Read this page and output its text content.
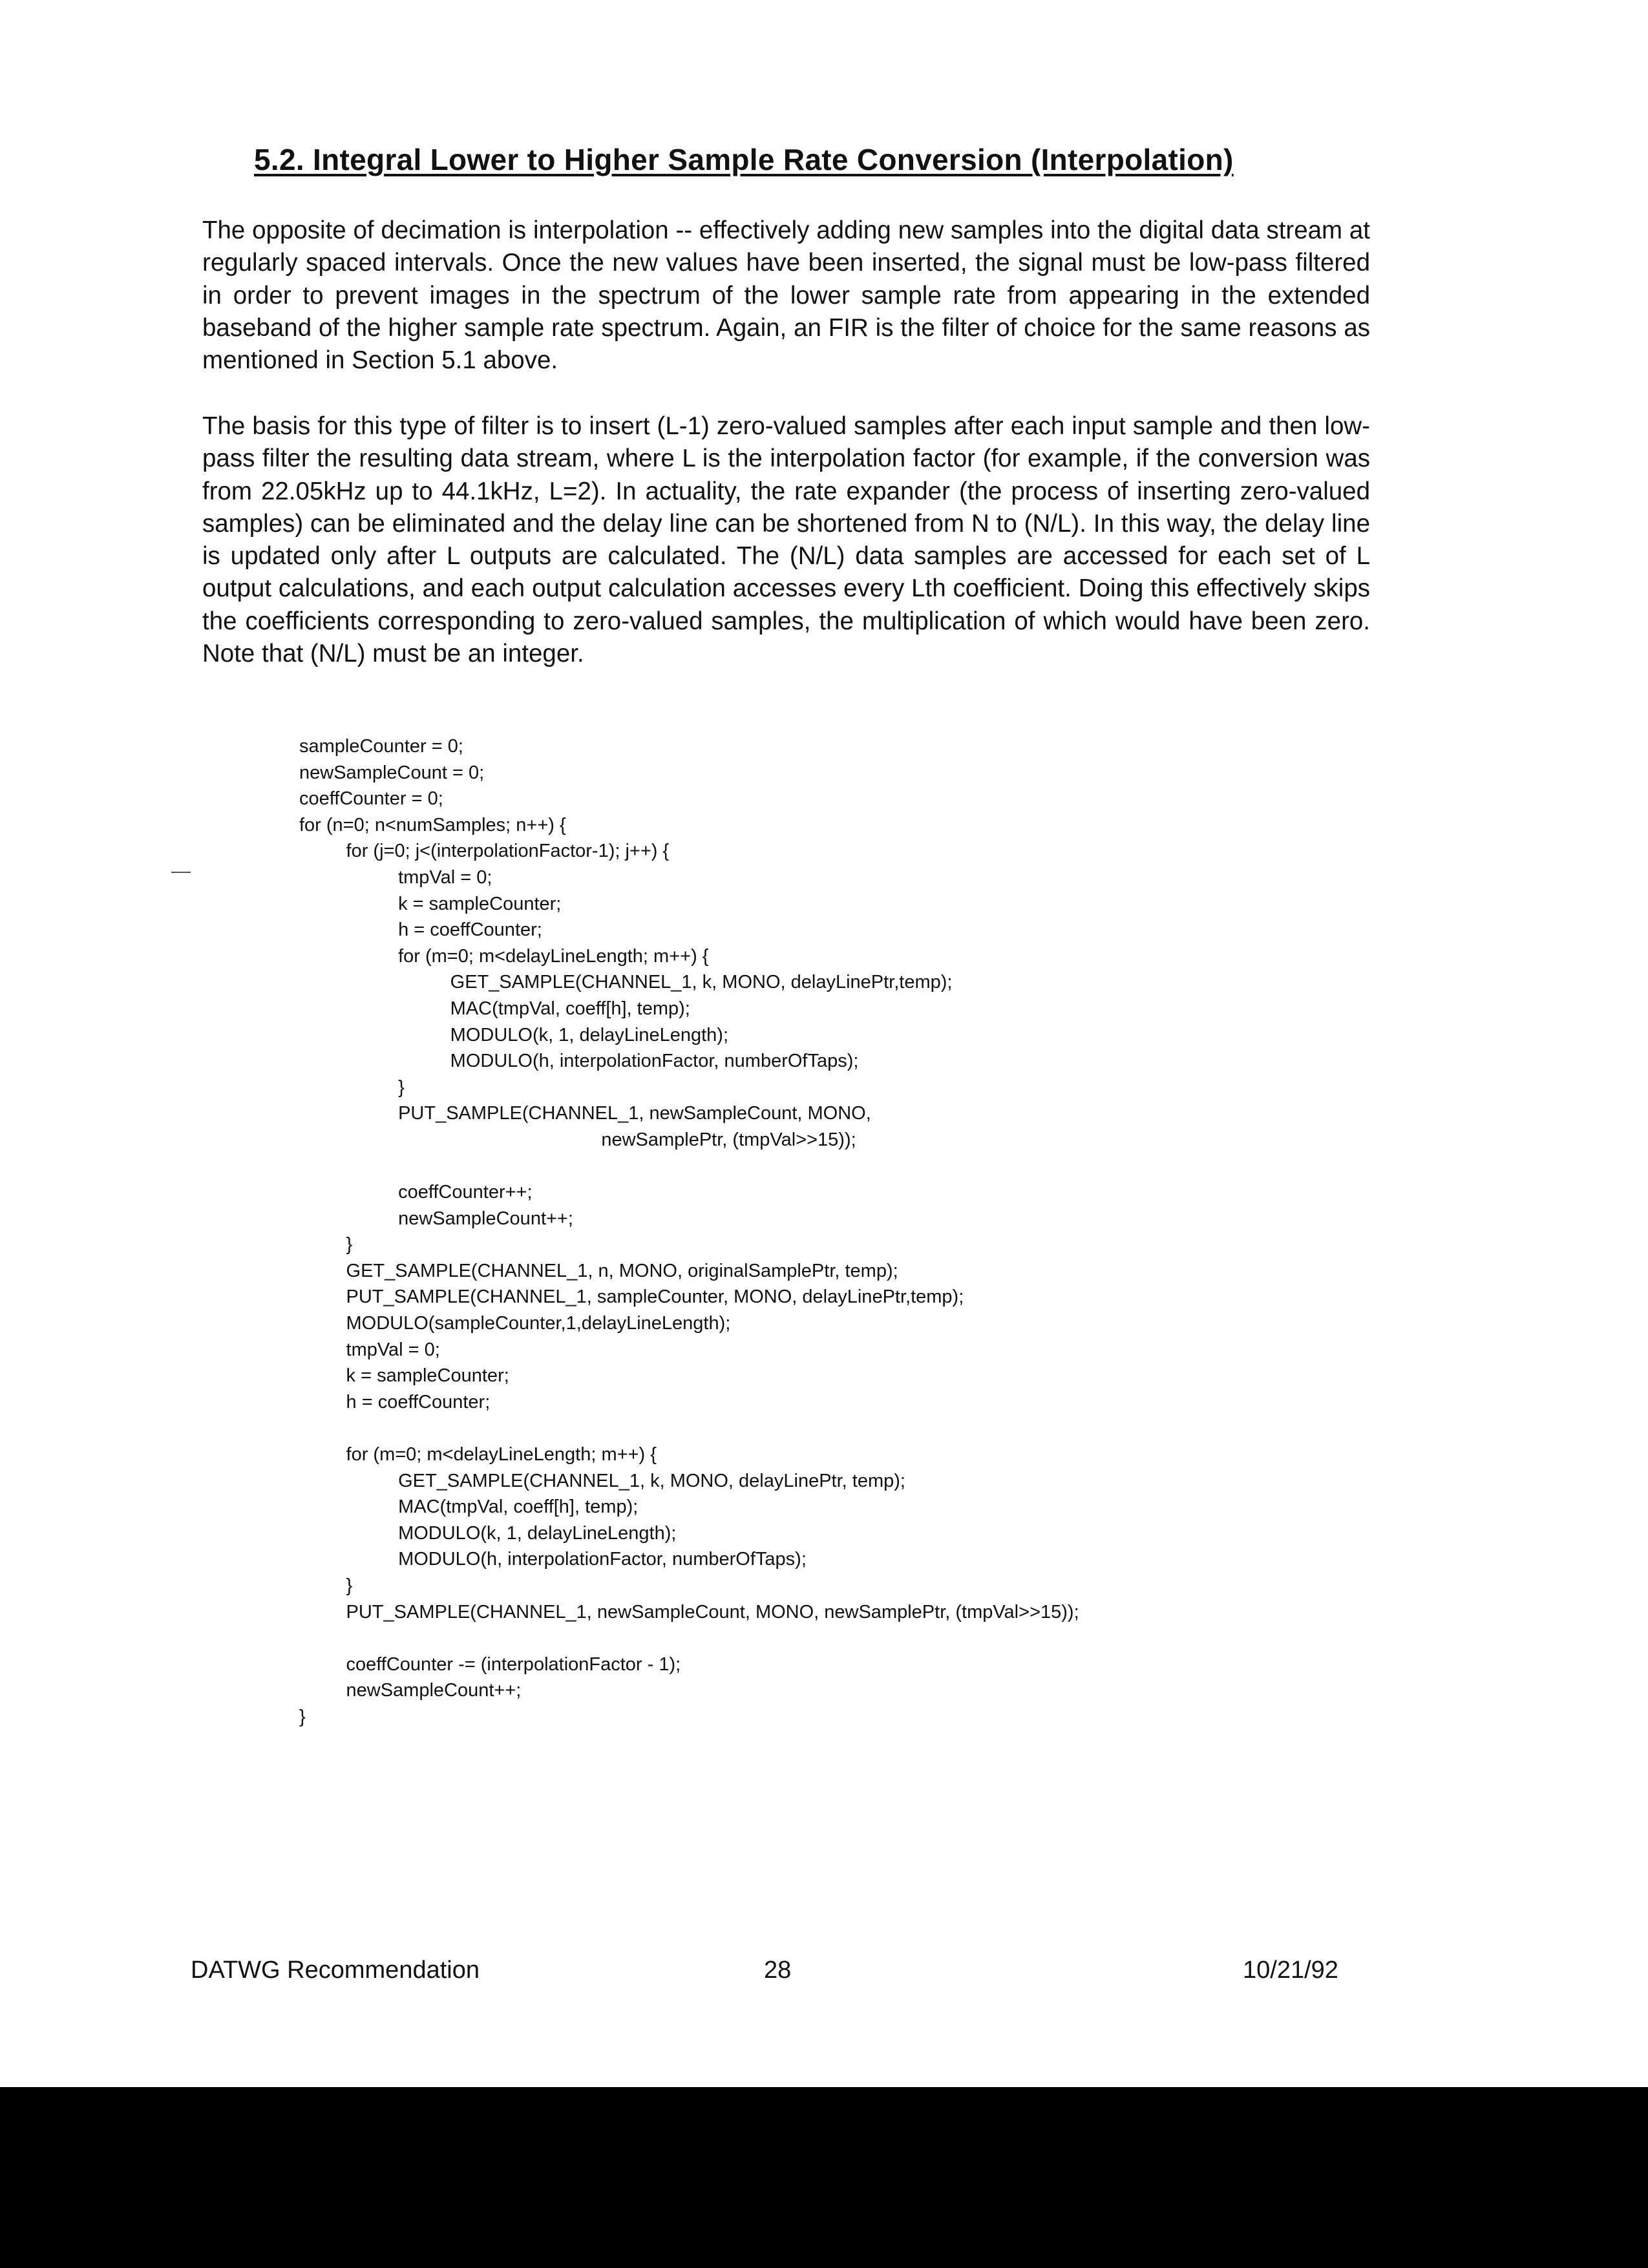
5.2. Integral Lower to Higher Sample Rate Conversion (Interpolation)

The opposite of decimation is interpolation -- effectively adding new samples into the digital data stream at regularly spaced intervals. Once the new values have been inserted, the signal must be low-pass filtered in order to prevent images in the spectrum of the lower sample rate from appearing in the extended baseband of the higher sample rate spectrum. Again, an FIR is the filter of choice for the same reasons as mentioned in Section 5.1 above.

The basis for this type of filter is to insert (L-1) zero-valued samples after each input sample and then low-pass filter the resulting data stream, where L is the interpolation factor (for example, if the conversion was from 22.05kHz up to 44.1kHz, L=2). In actuality, the rate expander (the process of inserting zero-valued samples) can be eliminated and the delay line can be shortened from N to (N/L). In this way, the delay line is updated only after L outputs are calculated. The (N/L) data samples are accessed for each set of L output calculations, and each output calculation accesses every Lth coefficient. Doing this effectively skips the coefficients corresponding to zero-valued samples, the multiplication of which would have been zero. Note that (N/L) must be an integer.

sampleCounter = 0;
newSampleCount = 0;
coeffCounter = 0;
for (n=0; n<numSamples; n++) {
for (j=0; j<(interpolationFactor-1); j++) {
tmpVal = 0;
k = sampleCounter;
h = coeffCounter;
for (m=0; m<delayLineLength; m++) {
GET_SAMPLE(CHANNEL_1, k, MONO, delayLinePtr,temp);
MAC(tmpVal, coeff[h], temp);
MODULO(k, 1, delayLineLength);
MODULO(h, interpolationFactor, numberOfTaps);
}
PUT_SAMPLE(CHANNEL_1, newSampleCount, MONO,
newSamplePtr, (tmpVal>>15));
coeffCounter++;
newSampleCount++;
}
GET_SAMPLE(CHANNEL_1, n, MONO, originalSamplePtr, temp);
PUT_SAMPLE(CHANNEL_1, sampleCounter, MONO, delayLinePtr,temp);
MODULO(sampleCounter,1,delayLineLength);
tmpVal = 0;
k = sampleCounter;
h = coeffCounter;
for (m=0; m<delayLineLength; m++) {
GET_SAMPLE(CHANNEL_1, k, MONO, delayLinePtr, temp);
MAC(tmpVal, coeff[h], temp);
MODULO(k, 1, delayLineLength);
MODULO(h, interpolationFactor, numberOfTaps);
}
PUT_SAMPLE(CHANNEL_1, newSampleCount, MONO, newSamplePtr, (tmpVal>>15));
coeffCounter -= (interpolationFactor - 1);
newSampleCount++;
}
DATWG Recommendation	28	10/21/92
